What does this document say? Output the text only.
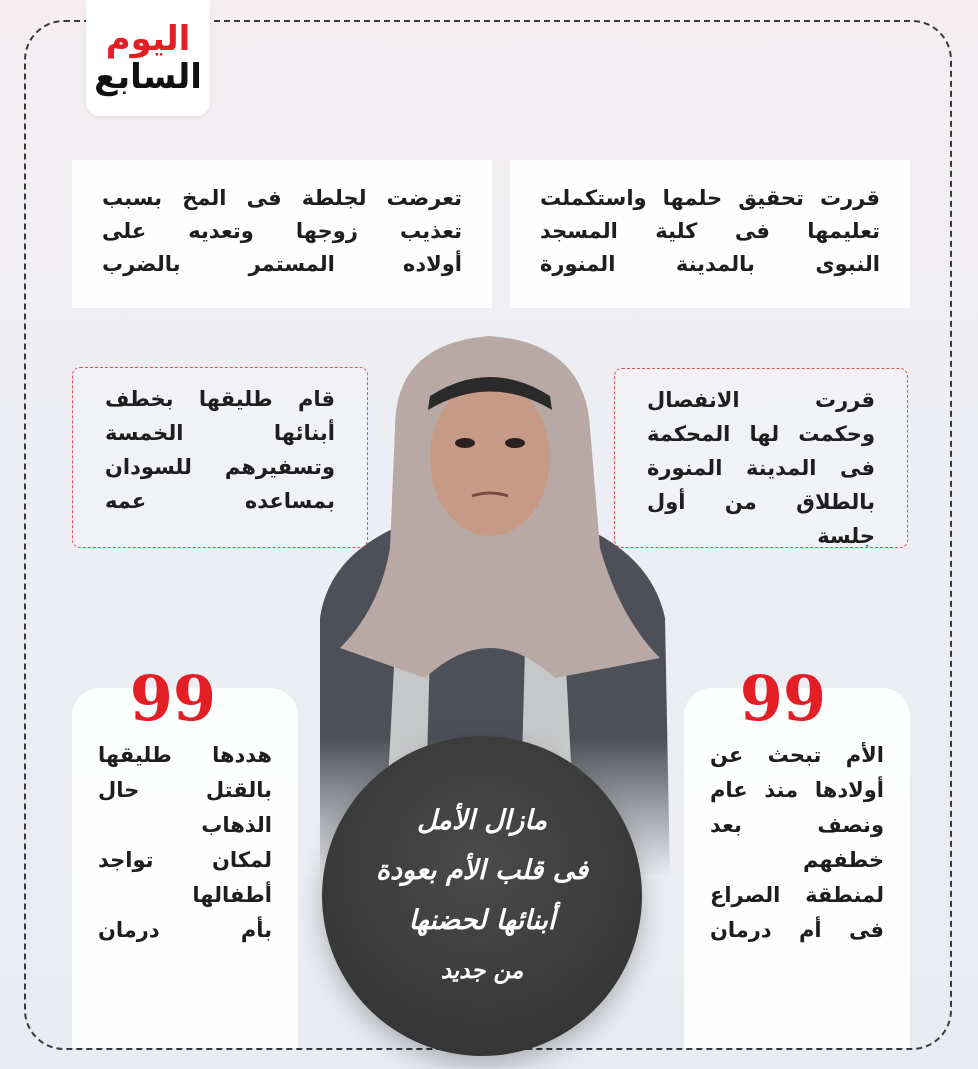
اليوم
السابع

قررت تحقيق حلمها واستكملت

تعليمها فى كلية المسجد

النبوى بالمدينة المنورة

تعرضت لجلطة فى المخ بسبب

تعذيب زوجها وتعديه على

أولاده المستمر بالضرب

قررت الانفصال

وحكمت لها المحكمة

فى المدينة المنورة

بالطلاق من أول جلسة

قام طليقها بخطف

أبنائها الخمسة

وتسفيرهم للسودان

بمساعده عمه

99

الأم تبحث عن

أولادها منذ عام

ونصف بعد

خطفهم

لمنطقة الصراع

فى أم درمان

99

هددها طليقها

بالقتل حال

الذهاب

لمكان تواجد

أطفالها

بأم درمان

مازال الأمل
فى قلب الأم بعودة
أبنائها لحضنها
من جديد
